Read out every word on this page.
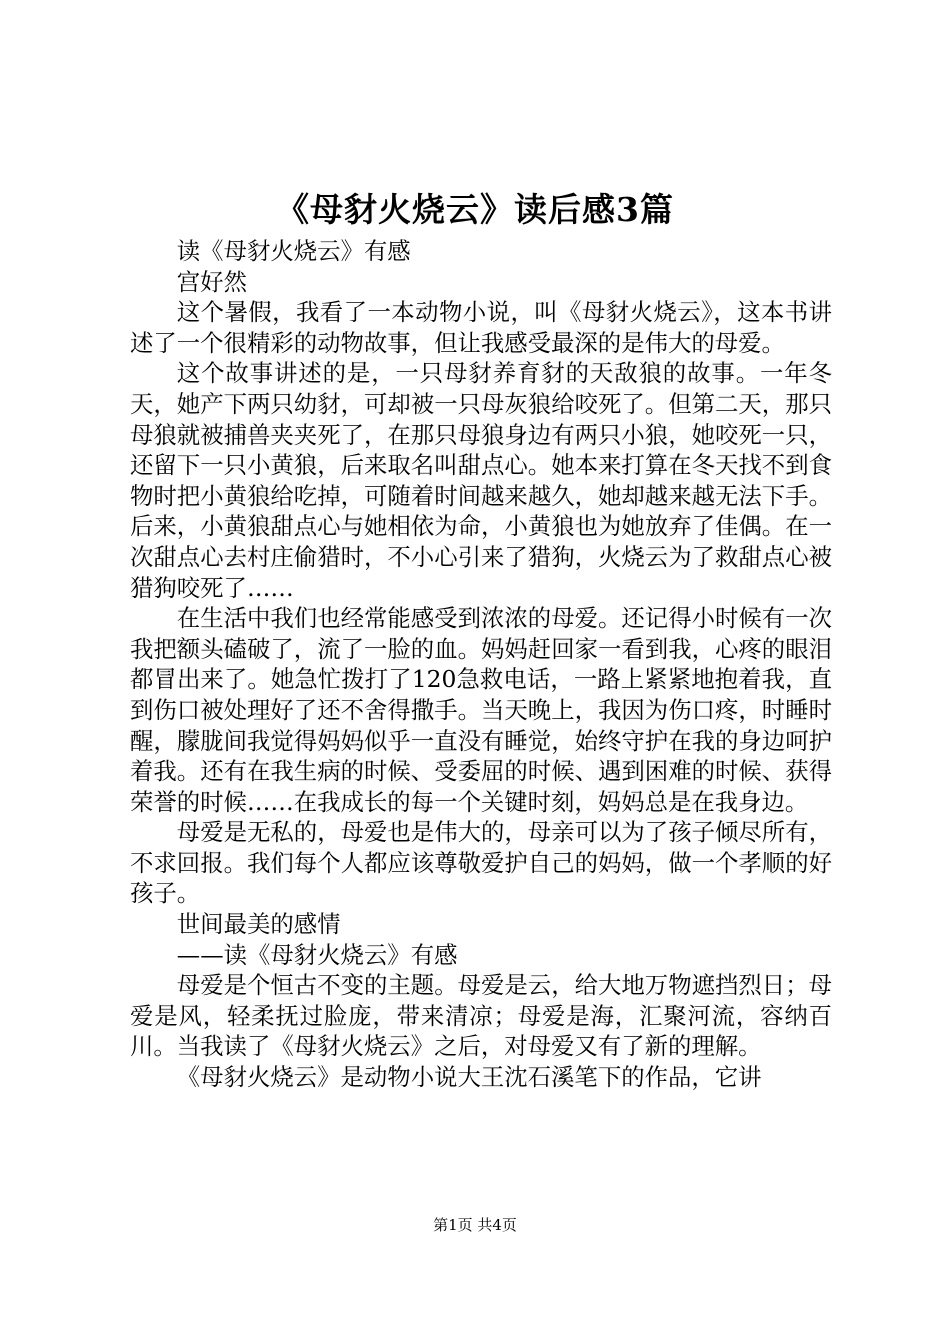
《母豺火烧云》读后感3篇

读《母豺火烧云》有感

宫好然

这个暑假，我看了一本动物小说，叫《母豺火烧云》，这本书讲述了一个很精彩的动物故事，但让我感受最深的是伟大的母爱。

这个故事讲述的是，一只母豺养育豺的天敌狼的故事。一年冬天，她产下两只幼豺，可却被一只母灰狼给咬死了。但第二天，那只母狼就被捕兽夹夹死了，在那只母狼身边有两只小狼，她咬死一只，还留下一只小黄狼，后来取名叫甜点心。她本来打算在冬天找不到食物时把小黄狼给吃掉，可随着时间越来越久，她却越来越无法下手。后来，小黄狼甜点心与她相依为命，小黄狼也为她放弃了佳偶。在一次甜点心去村庄偷猎时，不小心引来了猎狗，火烧云为了救甜点心被猎狗咬死了……

在生活中我们也经常能感受到浓浓的母爱。还记得小时候有一次我把额头磕破了，流了一脸的血。妈妈赶回家一看到我，心疼的眼泪都冒出来了。她急忙拨打了120急救电话，一路上紧紧地抱着我，直到伤口被处理好了还不舍得撒手。当天晚上，我因为伤口疼，时睡时醒，朦胧间我觉得妈妈似乎一直没有睡觉，始终守护在我的身边呵护着我。还有在我生病的时候、受委屈的时候、遇到困难的时候、获得荣誉的时候……在我成长的每一个关键时刻，妈妈总是在我身边。

母爱是无私的，母爱也是伟大的，母亲可以为了孩子倾尽所有，不求回报。我们每个人都应该尊敬爱护自己的妈妈，做一个孝顺的好孩子。

世间最美的感情

——读《母豺火烧云》有感

母爱是个恒古不变的主题。母爱是云，给大地万物遮挡烈日；母爱是风，轻柔抚过脸庞，带来清凉；母爱是海，汇聚河流，容纳百川。当我读了《母豺火烧云》之后，对母爱又有了新的理解。

《母豺火烧云》是动物小说大王沈石溪笔下的作品，它讲

第1页 共4页
